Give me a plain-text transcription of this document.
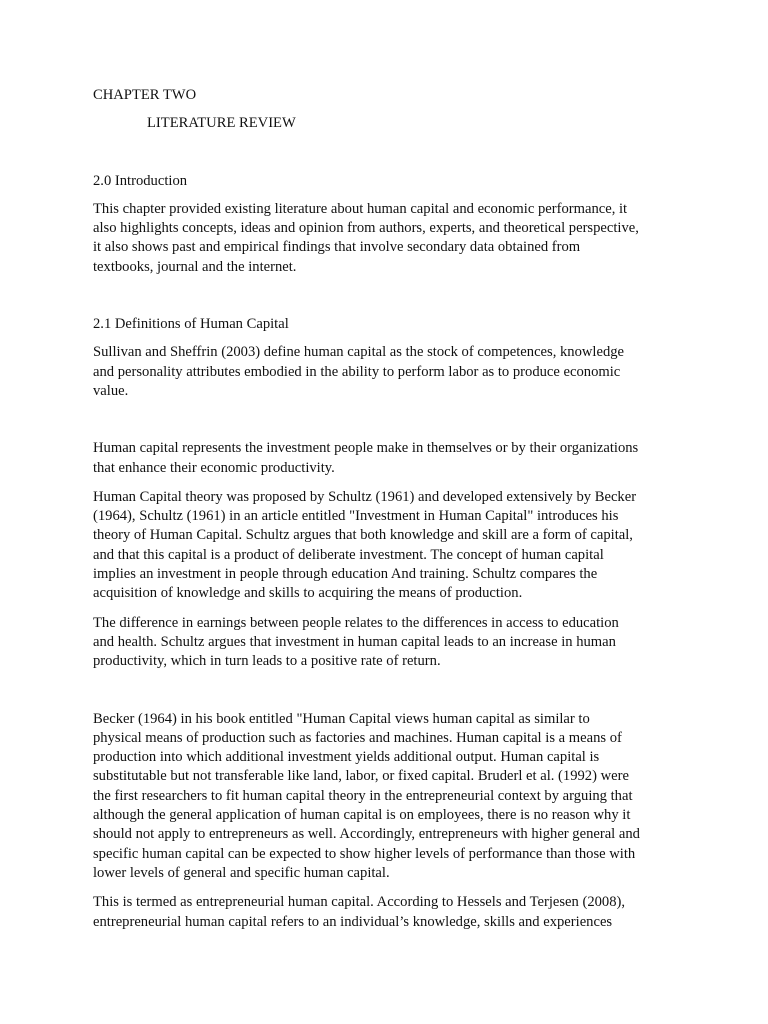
CHAPTER TWO
LITERATURE REVIEW
2.0 Introduction
This chapter provided existing literature about human capital and economic performance, it
also highlights concepts, ideas and opinion from authors, experts, and theoretical perspective,
it also shows past and empirical findings that involve secondary data obtained from
textbooks, journal and the internet.
2.1 Definitions of Human Capital
Sullivan and Sheffrin (2003) define human capital as the stock of competences, knowledge
and personality attributes embodied in the ability to perform labor as to produce economic
value.
Human capital represents the investment people make in themselves or by their organizations
that enhance their economic productivity.
Human Capital theory was proposed by Schultz (1961) and developed extensively by Becker
(1964), Schultz (1961) in an article entitled "Investment in Human Capital" introduces his
theory of Human Capital. Schultz argues that both knowledge and skill are a form of capital,
and that this capital is a product of deliberate investment. The concept of human capital
implies an investment in people through education And training. Schultz compares the
acquisition of knowledge and skills to acquiring the means of production.
The difference in earnings between people relates to the differences in access to education
and health. Schultz argues that investment in human capital leads to an increase in human
productivity, which in turn leads to a positive rate of return.
Becker (1964) in his book entitled "Human Capital views human capital as similar to
physical means of production such as factories and machines. Human capital is a means of
production into which additional investment yields additional output. Human capital is
substitutable but not transferable like land, labor, or fixed capital. Bruderl et al. (1992) were
the first researchers to fit human capital theory in the entrepreneurial context by arguing that
although the general application of human capital is on employees, there is no reason why it
should not apply to entrepreneurs as well. Accordingly, entrepreneurs with higher general and
specific human capital can be expected to show higher levels of performance than those with
lower levels of general and specific human capital.
This is termed as entrepreneurial human capital. According to Hessels and Terjesen (2008),
entrepreneurial human capital refers to an individual’s knowledge, skills and experiences
